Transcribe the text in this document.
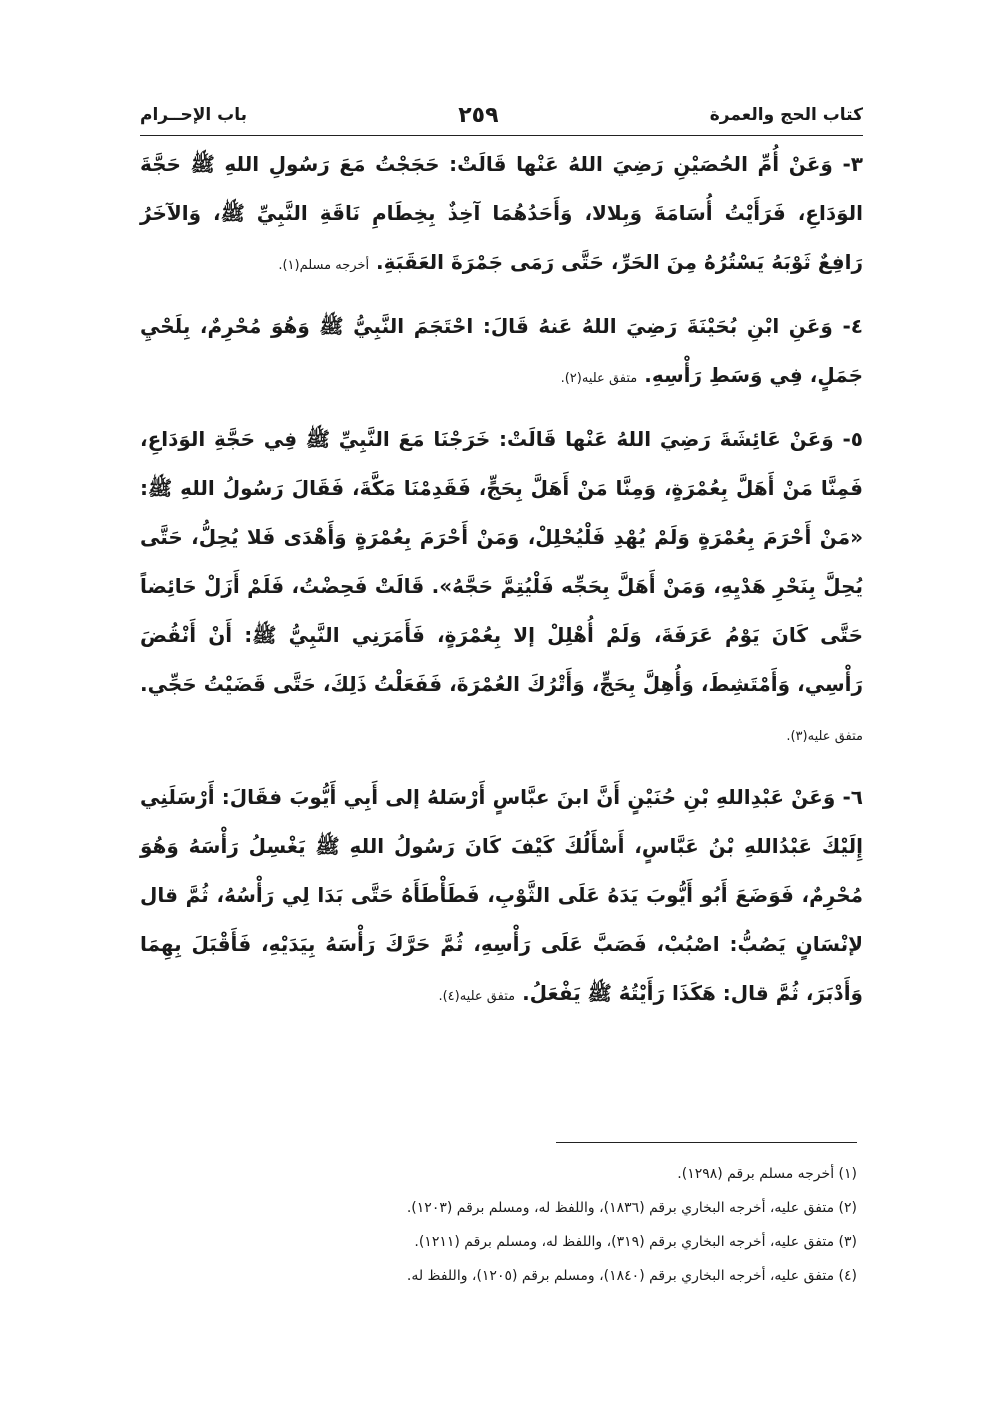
كتاب الحج والعمرة
٢٥٩
باب الإحــرام

٣- وَعَنْ أُمِّ الحُصَيْنِ رَضِيَ اللهُ عَنْها قَالَتْ: حَجَجْتُ مَعَ رَسُولِ اللهِ ﷺ حَجَّةَ الوَدَاعِ، فَرَأَيْتُ أُسَامَةَ وَبِلالا، وَأَحَدُهُمَا آخِذٌ بِخِطَامِ نَاقَةِ النَّبِيِّ ﷺ، وَالآخَرُ رَافِعٌ ثَوْبَهُ يَسْتُرُهُ مِنَ الحَرِّ، حَتَّى رَمَى جَمْرَةَ العَقَبَةِ. أخرجه مسلم(١).

٤- وَعَنِ ابْنِ بُحَيْنَةَ رَضِيَ اللهُ عَنهُ قَالَ: احْتَجَمَ النَّبِيُّ ﷺ وَهُوَ مُحْرِمٌ، بِلَحْيِ جَمَلٍ، فِي وَسَطِ رَأْسِهِ. متفق عليه(٢).

٥- وَعَنْ عَائِشَةَ رَضِيَ اللهُ عَنْها قَالَتْ: خَرَجْنَا مَعَ النَّبِيِّ ﷺ فِي حَجَّةِ الوَدَاعِ، فَمِنَّا مَنْ أَهَلَّ بِعُمْرَةٍ، وَمِنَّا مَنْ أَهَلَّ بِحَجٍّ، فَقَدِمْنَا مَكَّةَ، فَقَالَ رَسُولُ اللهِ ﷺ: «مَنْ أَحْرَمَ بِعُمْرَةٍ وَلَمْ يُهْدِ فَلْيُحْلِلْ، وَمَنْ أَحْرَمَ بِعُمْرَةٍ وَأَهْدَى فَلا يُحِلُّ، حَتَّى يُحِلَّ بِنَحْرِ هَدْيِهِ، وَمَنْ أَهَلَّ بِحَجِّه فَلْيُتِمَّ حَجَّهُ». قَالَتْ فَحِضْتُ، فَلَمْ أَزَلْ حَائِضاً حَتَّى كَانَ يَوْمُ عَرَفَةَ، وَلَمْ أُهْلِلْ إلا بِعُمْرَةٍ، فَأَمَرَنِي النَّبِيُّ ﷺ: أَنْ أَنْقُضَ رَأْسِي، وَأَمْتَشِطَ، وَأُهِلَّ بِحَجٍّ، وَأَتْرُكَ العُمْرَةَ، فَفَعَلْتُ ذَلِكَ، حَتَّى قَضَيْتُ حَجِّي. متفق عليه(٣).

٦- وَعَنْ عَبْدِاللهِ بْنِ حُنَيْنٍ أَنَّ ابنَ عبَّاسٍ أَرْسَلهُ إلى أَبِي أَيُّوبَ فقَالَ: أَرْسَلَنِي إِلَيْكَ عَبْدُاللهِ بْنُ عَبَّاسٍ، أَسْأَلُكَ كَيْفَ كَانَ رَسُولُ اللهِ ﷺ يَغْسِلُ رَأْسَهُ وَهُوَ مُحْرِمٌ، فَوَضَعَ أَبُو أَيُّوبَ يَدَهُ عَلَى الثَّوْبِ، فَطَأْطَأَهُ حَتَّى بَدَا لِي رَأْسُهُ، ثُمَّ قال لإنْسَانٍ يَصُبُّ: اصْبُبْ، فَصَبَّ عَلَى رَأْسِهِ، ثُمَّ حَرَّكَ رَأْسَهُ بِيَدَيْهِ، فَأَقْبَلَ بِهِمَا وَأَدْبَرَ، ثُمَّ قال: هَكَذَا رَأَيْتُهُ ﷺ يَفْعَلُ. متفق عليه(٤).

(١) أخرجه مسلم برقم (١٢٩٨).

(٢) متفق عليه، أخرجه البخاري برقم (١٨٣٦)، واللفظ له، ومسلم برقم (١٢٠٣).

(٣) متفق عليه، أخرجه البخاري برقم (٣١٩)، واللفظ له، ومسلم برقم (١٢١١).

(٤) متفق عليه، أخرجه البخاري برقم (١٨٤٠)، ومسلم برقم (١٢٠٥)، واللفظ له.
